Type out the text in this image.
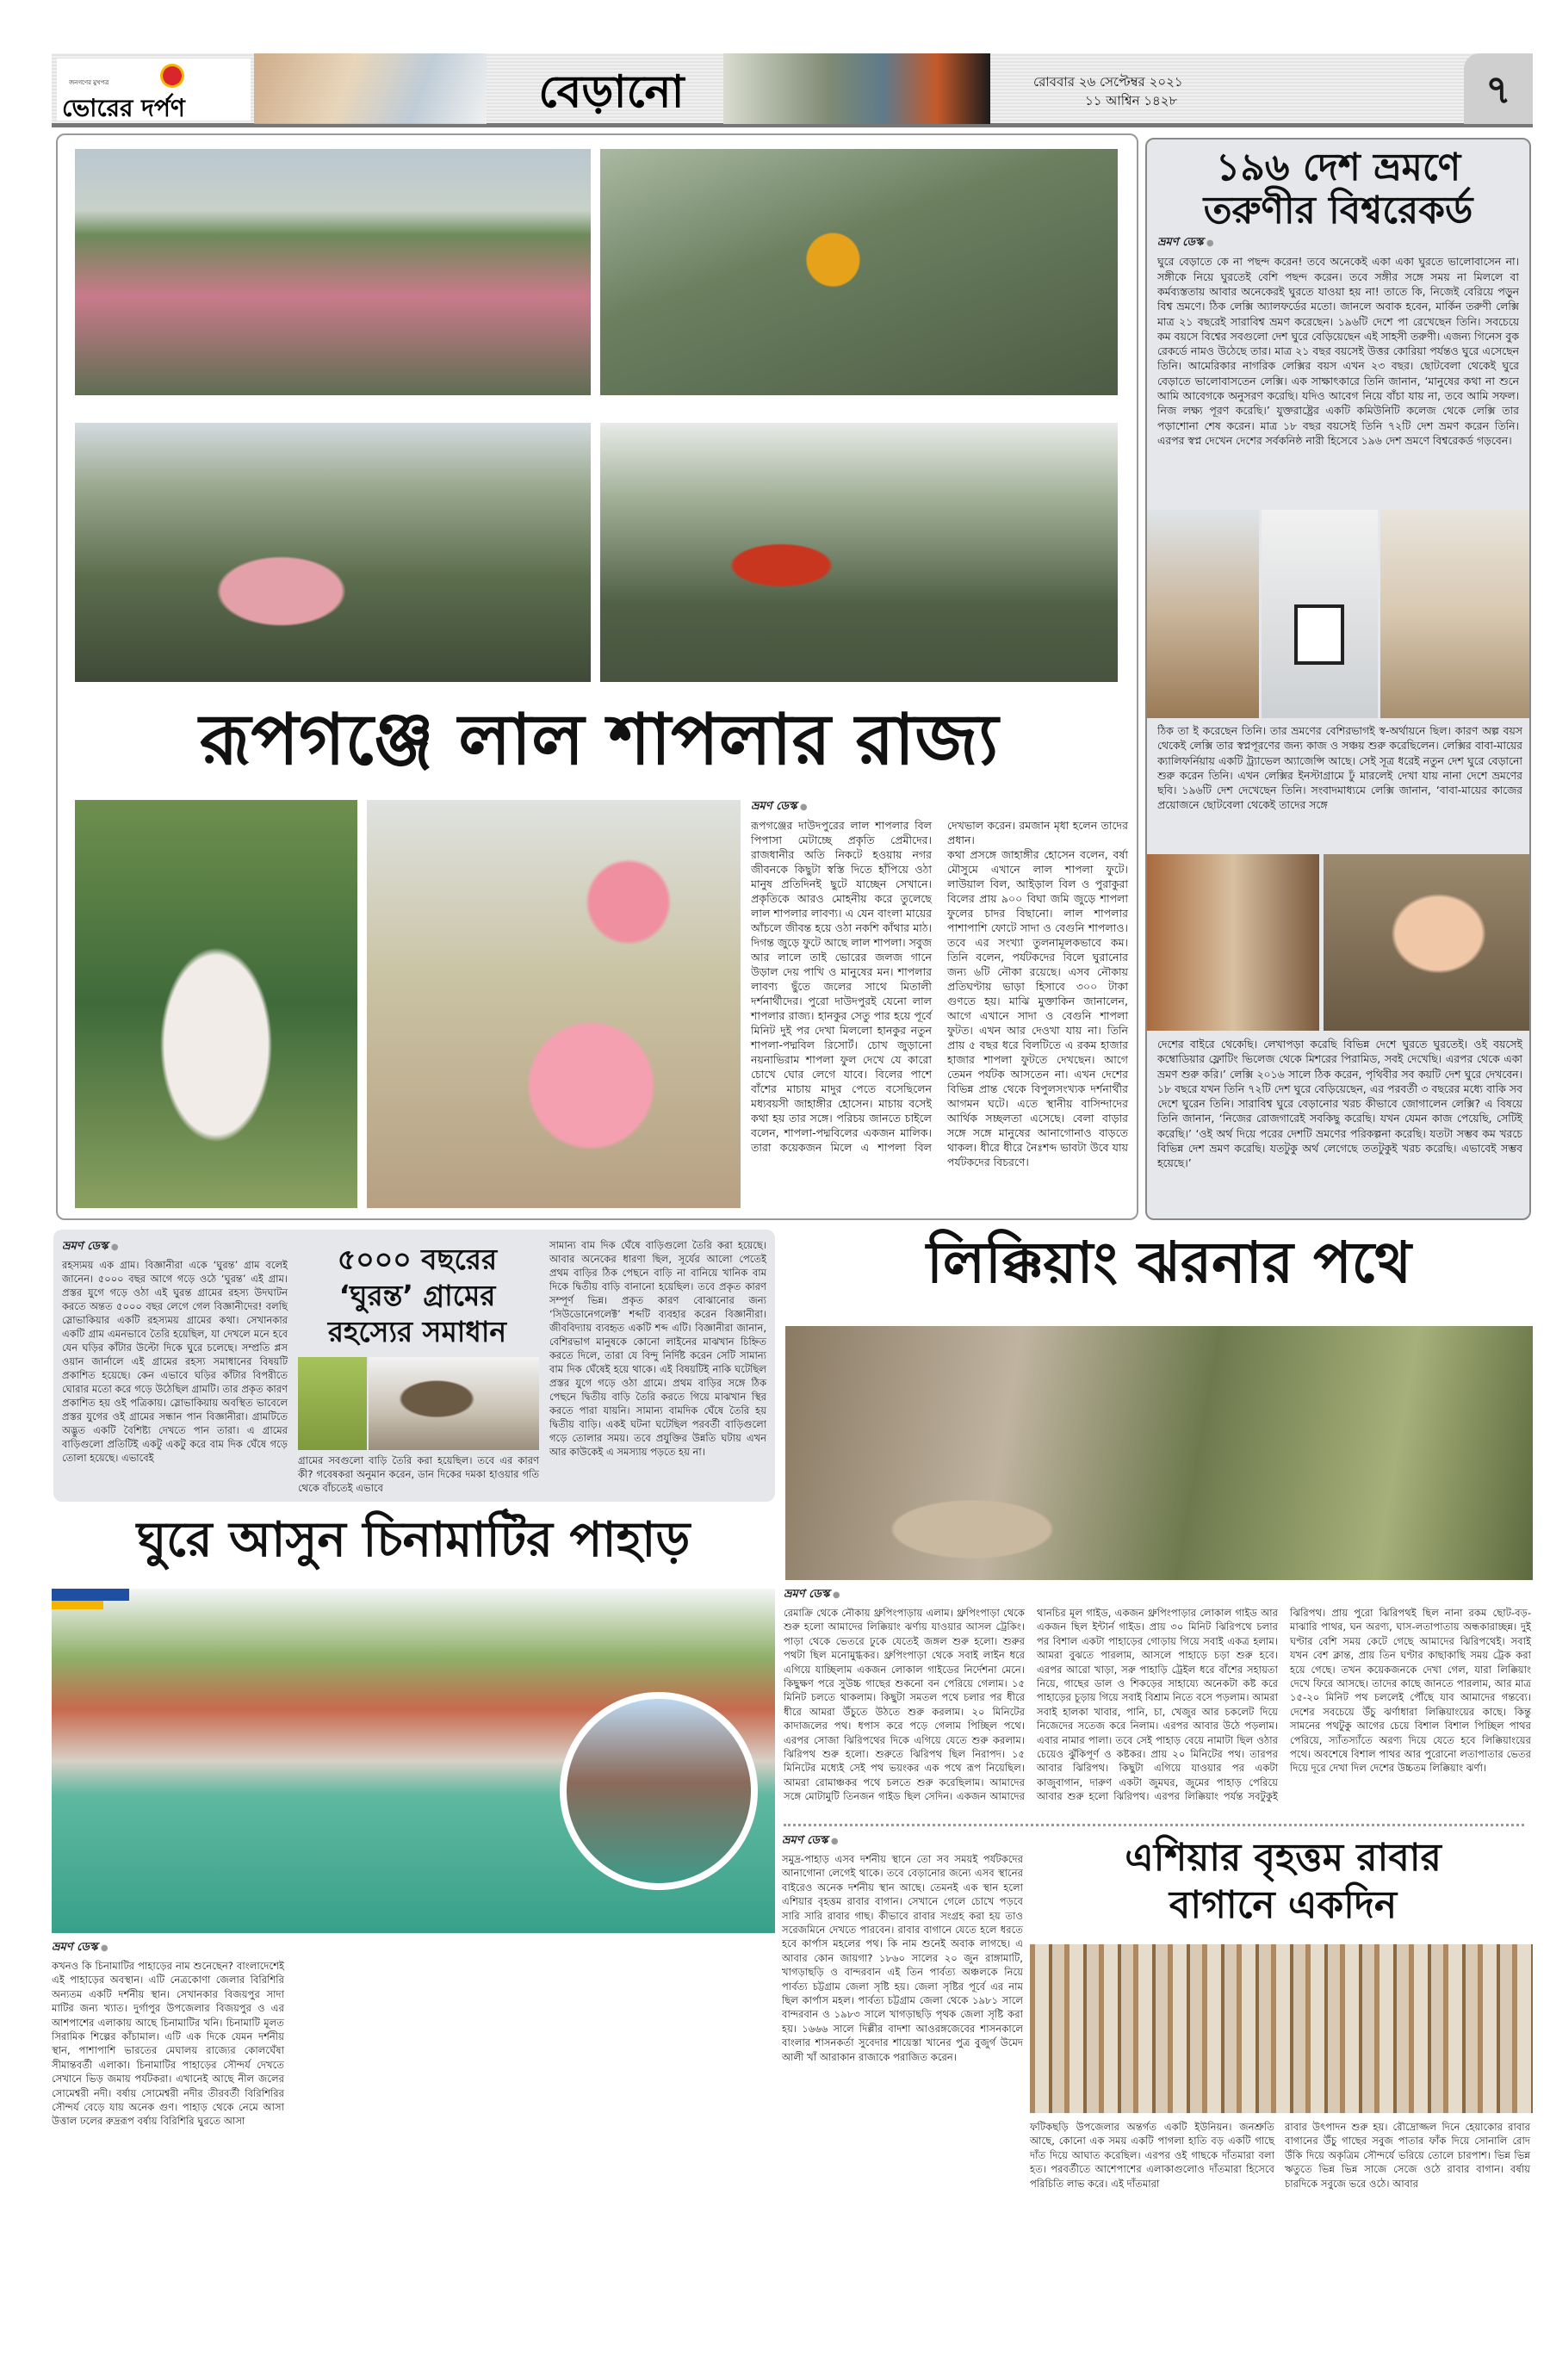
জনগণের মুখপত্র
ভোরের দর্পণ	বেড়ানো	রোববার ২৬ সেপ্টেম্বর ২০২১
১১ আশ্বিন ১৪২৮	৭
রূপগঞ্জে লাল শাপলার রাজ্য
ভ্রমণ ডেস্ক ●

রূপগঞ্জের দাউদপুরের লাল শাপলার বিল পিপাসা মেটাচ্ছে প্রকৃতি প্রেমীদের। রাজধানীর অতি নিকটে হওয়ায় নগর জীবনকে কিছুটা স্বস্তি দিতে হাঁপিয়ে ওঠা মানুষ প্রতিদিনই ছুটে যাচ্ছেন সেখানে। প্রকৃতিকে আরও মোহনীয় করে তুলেছে লাল শাপলার লাবণ্য। এ যেন বাংলা মায়ের আঁচলে জীবন্ত হয়ে ওঠা নকশি কাঁথার মাঠ। দিগন্ত জুড়ে ফুটে আছে লাল শাপলা। সবুজ আর লালে তাই ভোরের জলজ গানে উড়াল দেয় পাখি ও মানুষের মন। শাপলার লাবণ্য ছুঁতে জলের সাথে মিতালী দর্শনার্থীদের। পুরো দাউদপুরই যেনো লাল শাপলার রাজ্য। হানকুর সেতু পার হয়ে পূর্বে মিনিট দুই পর দেখা মিললো হানকুর নতুন শাপলা-পদ্মবিল রিসোর্ট। চোখ জুড়ানো নয়নাভিরাম শাপলা ফুল দেখে যে কারো চোখে ঘোর লেগে যাবে। বিলের পাশে বাঁশের মাচায় মাদুর পেতে বসেছিলেন মধ্যবয়সী জাহাঙ্গীর হোসেন। মাচায় বসেই কথা হয় তার সঙ্গে। পরিচয় জানতে চাইলে বলেন, শাপলা-পদ্মবিলের একজন মালিক। তারা কয়েকজন মিলে এ শাপলা বিল দেখভাল করেন। রমজান মৃধা হলেন তাদের প্রধান।

কথা প্রসঙ্গে জাহাঙ্গীর হোসেন বলেন, বর্ষা মৌসুমে এখানে লাল শাপলা ফুটে। লাউয়াল বিল, আইড়াল বিল ও পুরাকুরা বিলের প্রায় ৯০০ বিঘা জমি জুড়ে শাপলা ফুলের চাদর বিছানো। লাল শাপলার পাশাপাশি ফোটে সাদা ও বেগুনি শাপলাও। তবে এর সংখ্যা তুলনামূলকভাবে কম। তিনি বলেন, পর্যটকদের বিলে ঘুরানোর জন্য ৬টি নৌকা রয়েছে। এসব নৌকায় প্রতিঘণ্টায় ভাড়া হিসাবে ৩০০ টাকা গুণতে হয়। মাঝি মুক্তাকিন জানালেন, আগে এখানে সাদা ও বেগুনি শাপলা ফুটত। এখন আর দেওখা যায় না। তিনি প্রায় ৫ বছর ধরে বিলটিতে এ রকম হাজার হাজার শাপলা ফুটতে দেখছেন। আগে তেমন পর্যটক আসতেন না। এখন দেশের বিভিন্ন প্রান্ত থেকে বিপুলসংখ্যক দর্শনার্থীর আগমন ঘটে। এতে স্থানীয় বাসিন্দাদের আর্থিক সচ্ছলতা এসেছে। বেলা বাড়ার সঙ্গে সঙ্গে মানুষের আনাগোনাও বাড়তে থাকল। ধীরে ধীরে নৈঃশব্দ ভাবটা উবে যায় পর্যটকদের বিচরণে।

১৯৬ দেশ ভ্রমণে
তরুণীর বিশ্বরেকর্ড
ভ্রমণ ডেস্ক ●

ঘুরে বেড়াতে কে না পছন্দ করেন! তবে অনেকেই একা একা ঘুরতে ভালোবাসেন না। সঙ্গীকে নিয়ে ঘুরতেই বেশি পছন্দ করেন। তবে সঙ্গীর সঙ্গে সময় না মিললে বা কর্মব্যস্ততায় আবার অনেকেরই ঘুরতে যাওয়া হয় না! তাতে কি, নিজেই বেরিয়ে পড়ুন বিশ্ব ভ্রমণে। ঠিক লেক্সি অ্যালফর্ডের মতো। জানলে অবাক হবেন, মার্কিন তরুণী লেক্সি মাত্র ২১ বছরেই সারাবিশ্ব ভ্রমণ করেছেন। ১৯৬টি দেশে পা রেখেছেন তিনি। সবচেয়ে কম বয়সে বিশ্বের সবগুলো দেশ ঘুরে বেড়িয়েছেন এই সাহসী তরুণী। এজন্য গিনেস বুক রেকর্ডে নামও উঠেছে তার। মাত্র ২১ বছর বয়সেই উত্তর কোরিয়া পর্যন্তও ঘুরে এসেছেন তিনি। আমেরিকার নাগরিক লেক্সির বয়স এখন ২৩ বছর। ছোটবেলা থেকেই ঘুরে বেড়াতে ভালোবাসতেন লেক্সি। এক সাক্ষাৎকারে তিনি জানান, ‘মানুষের কথা না শুনে আমি আবেগকে অনুসরণ করেছি। যদিও আবেগ নিয়ে বাঁচা যায় না, তবে আমি সফল। নিজ লক্ষ্য পূরণ করেছি।’ যুক্তরাষ্ট্রের একটি কমিউনিটি কলেজ থেকে লেক্সি তার পড়াশোনা শেষ করেন। মাত্র ১৮ বছর বয়সেই তিনি ৭২টি দেশ ভ্রমণ করেন তিনি। এরপর স্বপ্ন দেখেন দেশের সর্বকনিষ্ঠ নারী হিসেবে ১৯৬ দেশ ভ্রমণে বিশ্বরেকর্ড গড়বেন।

ঠিক তা ই করেছেন তিনি। তার ভ্রমণের বেশিরভাগই স্ব-অর্থায়নে ছিল। কারণ অল্প বয়স থেকেই লেক্সি তার স্বপ্নপূরণের জন্য কাজ ও সঞ্চয় শুরু করেছিলেন। লেক্সির বাবা-মায়ের ক্যালিফর্নিয়ায় একটি ট্র্যাভেল অ্যাজেন্সি আছে। সেই সূত্র ধরেই নতুন দেশ ঘুরে বেড়ানো শুরু করেন তিনি। এখন লেক্সির ইনস্টাগ্রামে ঢুঁ মারলেই দেখা যায় নানা দেশে ভ্রমণের ছবি। ১৯৬টি দেশ দেখেছেন তিনি। সংবাদমাধ্যমে লেক্সি জানান, ‘বাবা-মায়ের কাজের প্রয়োজনে ছোটবেলা থেকেই তাদের সঙ্গে

দেশের বাইরে থেকেছি। লেখাপড়া করেছি বিভিন্ন দেশে ঘুরতে ঘুরতেই। ওই বয়সেই কম্বোডিয়ার ফ্লোটিং ভিলেজ থেকে মিশরের পিরামিড, সবই দেখেছি। এরপর থেকে একা ভ্রমণ শুরু করি।’ লেক্সি ২০১৬ সালে ঠিক করেন, পৃথিবীর সব কয়টি দেশ ঘুরে দেখবেন। ১৮ বছরে যখন তিনি ৭২টি দেশ ঘুরে বেড়িয়েছেন, এর পরবর্তী ৩ বছরের মধ্যে বাকি সব দেশে ঘুরেন তিনি। সারাবিশ্ব ঘুরে বেড়ানোর খরচ কীভাবে জোগালেন লেক্সি? এ বিষয়ে তিনি জানান, ‘নিজের রোজগারেই সবকিছু করেছি। যখন যেমন কাজ পেয়েছি, সেটিই করেছি।’ ‘ওই অর্থ দিয়ে পরের দেশটি ভ্রমণের পরিকল্পনা করেছি। যতটা সম্ভব কম খরচে বিভিন্ন দেশ ভ্রমণ করেছি। যতটুকু অর্থ লেগেছে ততটুকুই খরচ করেছি। এভাবেই সম্ভব হয়েছে।’

ভ্রমণ ডেস্ক ●

রহস্যময় এক গ্রাম। বিজ্ঞানীরা একে ‘ঘুরন্ত’ গ্রাম বলেই জানেন। ৫০০০ বছর আগে গড়ে ওঠে ‘ঘুরন্ত’ এই গ্রাম। প্রস্তর যুগে গড়ে ওঠা এই ঘুরন্ত গ্রামের রহস্য উদঘাটন করতে অন্তত ৫০০০ বছর লেগে গেল বিজ্ঞানীদের! বলছি স্লোভাকিয়ার একটি রহস্যময় গ্রামের কথা। সেখানকার একটি গ্রাম এমনভাবে তৈরি হয়েছিল, যা দেখলে মনে হবে যেন ঘড়ির কাঁটার উল্টো দিকে ঘুরে চলেছে। সম্প্রতি প্লস ওয়ান জার্নালে এই গ্রামের রহস্য সমাধানের বিষয়টি প্রকাশিত হয়েছে। কেন এভাবে ঘড়ির কাঁটার বিপরীতে ঘোরার মতো করে গড়ে উঠেছিল গ্রামটি। তার প্রকৃত কারণ প্রকাশিত হয় ওই পত্রিকায়। স্লোভাকিয়ায় অবস্থিত ভাবেলে প্রস্তর যুগের ওই গ্রামের সন্ধান পান বিজ্ঞানীরা। গ্রামটিতে অদ্ভুত একটি বৈশিষ্ট্য দেখতে পান তারা। এ গ্রামের বাড়িগুলো প্রতিটিই একটু একটু করে বাম দিক ঘেঁষে গড়ে তোলা হয়েছে। এভাবেই

৫০০০ বছরের
‘ঘুরন্ত’ গ্রামের
রহস্যের সমাধান

গ্রামের সবগুলো বাড়ি তৈরি করা হয়েছিল। তবে এর কারণ কী? গবেষকরা অনুমান করেন, ডান দিকের দমকা হাওয়ার গতি থেকে বাঁচতেই এভাবে

সামান্য বাম দিক ঘেঁষে বাড়িগুলো তৈরি করা হয়েছে। আবার অনেকের ধারণা ছিল, সূর্যের আলো পেতেই প্রথম বাড়ির ঠিক পেছনে বাড়ি না বানিয়ে খানিক বাম দিকে দ্বিতীয় বাড়ি বানানো হয়েছিল। তবে প্রকৃত কারণ সম্পূর্ণ ভিন্ন। প্রকৃত কারণ বোঝানোর জন্য ‘সিউডোনেগলেক্ট’ শব্দটি ব্যবহার করেন বিজ্ঞানীরা। জীববিদ্যায় ব্যবহৃত একটি শব্দ এটি। বিজ্ঞানীরা জানান, বেশিরভাগ মানুষকে কোনো লাইনের মাঝখান চিহ্নিত করতে দিলে, তারা যে বিন্দু নির্দিষ্ট করেন সেটি সামান্য বাম দিক ঘেঁষেই হয়ে থাকে। এই বিষয়টিই নাকি ঘটেছিল প্রস্তর যুগে গড়ে ওঠা গ্রামে। প্রথম বাড়ির সঙ্গে ঠিক পেছনে দ্বিতীয় বাড়ি তৈরি করতে গিয়ে মাঝখান স্থির করতে পারা যায়নি। সামান্য বামদিক ঘেঁষে তৈরি হয় দ্বিতীয় বাড়ি। একই ঘটনা ঘটেছিল পরবর্তী বাড়িগুলো গড়ে তোলার সময়। তবে প্রযুক্তির উন্নতি ঘটায় এখন আর কাউকেই এ সমস্যায় পড়তে হয় না।

লিক্কিয়াং ঝরনার পথে
ভ্রমণ ডেস্ক ●

রেমাক্রি থেকে নৌকায় থ্রুপিংপাড়ায় এলাম। থ্রুপিংপাড়া থেকে শুরু হলো আমাদের লিক্কিয়াং ঝর্ণায় যাওয়ার আসল ট্রেকিং। পাড়া থেকে ভেতরে ঢুকে যেতেই জঙ্গল শুরু হলো। শুরুর পথটা ছিল মনোমুগ্ধকর। থ্রুপিংপাড়া থেকে সবাই লাইন ধরে এগিয়ে যাচ্ছিলাম একজন লোকাল গাইডের নির্দেশনা মেনে। কিছুক্ষণ পরে সুউচ্চ গাছের শুকনো বন পেরিয়ে গেলাম। ১৫ মিনিট চলতে থাকলাম। কিছুটা সমতল পথে চলার পর ধীরে ধীরে আমরা উঁচুতে উঠতে শুরু করলাম। ২০ মিনিটের কাদাজলের পথ। ধপাস করে পড়ে গেলাম পিচ্ছিল পথে। এরপর সোজা ঝিরিপথের দিকে এগিয়ে যেতে শুরু করলাম। ঝিরিপথ শুরু হলো। শুরুতে ঝিরিপথ ছিল নিরাপদ। ১৫ মিনিটের মধ্যেই সেই পথ ভয়ংকর এক পথে রূপ নিয়েছিল। আমরা রোমাঞ্চকর পথে চলতে শুরু করেছিলাম। আমাদের সঙ্গে মোটামুটি তিনজন গাইড ছিল সেদিন। একজন আমাদের থানচির মূল গাইড, একজন থ্রুপিংপাড়ার লোকাল গাইড আর একজন ছিল ইন্টার্ন গাইড। প্রায় ৩০ মিনিট ঝিরিপথে চলার পর বিশাল একটা পাহাড়ের গোড়ায় গিয়ে সবাই একত্র হলাম। আমরা বুঝতে পারলাম, আসলে পাহাড়ে চড়া শুরু হবে। এরপর আরো খাড়া, সরু পাহাড়ি ট্রেইল ধরে বাঁশের সহায়তা নিয়ে, গাছের ডাল ও শিকড়ের সাহায্যে অনেকটা কষ্ট করে পাহাড়ের চূড়ায় গিয়ে সবাই বিশ্রাম নিতে বসে পড়লাম। আমরা সবাই হালকা খাবার, পানি, চা, খেজুর আর চকলেট দিয়ে নিজেদের সতেজ করে নিলাম। এরপর আবার উঠে পড়লাম। এবার নামার পালা। তবে সেই পাহাড় বেয়ে নামাটা ছিল ওঠার চেয়েও ঝুঁকিপূর্ণ ও কষ্টকর। প্রায় ২০ মিনিটের পথ। তারপর আবার ঝিরিপথ। কিছুটা এগিয়ে যাওয়ার পর একটা কাজুবাগান, দারুণ একটা জুমঘর, জুমের পাহাড় পেরিয়ে আবার শুরু হলো ঝিরিপথ। এরপর লিক্কিয়াং পর্যন্ত সবটুকুই ঝিরিপথ। প্রায় পুরো ঝিরিপথই ছিল নানা রকম ছোট-বড়-মাঝারি পাথর, ঘন অরণ্য, ঘাস-লতাপাতায় অন্ধকারাচ্ছন্ন। দুই ঘণ্টার বেশি সময় কেটে গেছে আমাদের ঝিরিপথেই। সবাই যখন বেশ ক্লান্ত, প্রায় তিন ঘণ্টার কাছাকাছি সময় ট্রেক করা হয়ে গেছে। তখন কয়েকজনকে দেখা গেল, যারা লিক্কিয়াং দেখে ফিরে আসছে। তাদের কাছে জানতে পারলাম, আর মাত্র ১৫-২০ মিনিট পথ চললেই পৌঁছে যাব আমাদের গন্তব্যে। দেশের সবচেয়ে উঁচু ঝর্ণাধারা লিক্কিয়াংয়ের কাছে। কিন্তু সামনের পথটুকু আগের চেয়ে বিশাল বিশাল পিচ্ছিল পাথর পেরিয়ে, স্যাঁতস্যাঁতে অরণ্য দিয়ে যেতে হবে লিক্কিয়াংয়ের পথে। অবশেষে বিশাল পাথর আর পুরোনো লতাপাতার ভেতর দিয়ে দূরে দেখা দিল দেশের উচ্চতম লিক্কিয়াং ঝর্ণা।

ঘুরে আসুন চিনামাটির পাহাড়
ভ্রমণ ডেস্ক ●

কখনও কি চিনামাটির পাহাড়ের নাম শুনেছেন? বাংলাদেশেই এই পাহাড়ের অবস্থান। এটি নেত্রকোণা জেলার বিরিশিরি অন্যতম একটি দর্শনীয় স্থান। সেখানকার বিজয়পুর সাদা মাটির জন্য খ্যাত। দুর্গাপুর উপজেলার বিজয়পুর ও এর আশপাশের এলাকায় আছে চিনামাটির খনি। চিনামাটি মূলত সিরামিক শিল্পের কাঁচামাল। এটি এক দিকে যেমন দর্শনীয় স্থান, পাশাপাশি ভারতের মেঘালয় রাজ্যের কোলঘেঁষা সীমান্তবর্তী এলাকা। চিনামাটির পাহাড়ের সৌন্দর্য দেখতে সেখানে ভিড় জমায় পর্যটকরা। এখানেই আছে নীল জলের সোমেশ্বরী নদী। বর্ষায় সোমেশ্বরী নদীর তীরবর্তী বিরিশিরির সৌন্দর্য বেড়ে যায় অনেক গুণ। পাহাড় থেকে নেমে আসা উত্তাল ঢলের রুদ্ররূপ বর্ষায় বিরিশিরি ঘুরতে আসা

ভ্রমণ ডেস্ক ●

সমুদ্র-পাহাড় এসব দর্শনীয় স্থানে তো সব সময়ই পর্যটকদের আনাগোনা লেগেই থাকে। তবে বেড়ানোর জন্যে এসব স্থানের বাইরেও অনেক দর্শনীয় স্থান আছে। তেমনই এক স্থান হলো এশিয়ার বৃহত্তম রাবার বাগান। সেখানে গেলে চোখে পড়বে সারি সারি রাবার গাছ। কীভাবে রাবার সংগ্রহ করা হয় তাও সরেজমিনে দেখতে পারবেন। রাবার বাগানে যেতে হলে ধরতে হবে কার্পাস মহলের পথ। কি নাম শুনেই অবাক লাগছে। এ আবার কোন জায়গা? ১৮৬০ সালের ২০ জুন রাঙ্গামাটি, খাগড়াছড়ি ও বান্দরবান এই তিন পার্বত্য অঞ্চলকে নিয়ে পার্বত্য চট্টগ্রাম জেলা সৃষ্টি হয়। জেলা সৃষ্টির পূর্বে এর নাম ছিল কার্পাস মহল। পার্বত্য চট্টগ্রাম জেলা থেকে ১৯৮১ সালে বান্দরবান ও ১৯৮৩ সালে খাগড়াছড়ি পৃথক জেলা সৃষ্টি করা হয়। ১৬৬৬ সালে দিল্লীর বাদশা আওরঙ্গজেবের শাসনকালে বাংলার শাসনকর্তা সুবেদার শায়েস্তা খানের পুত্র বুজুর্গ উমেদ আলী খাঁ আরাকান রাজাকে পরাজিত করেন।

এশিয়ার বৃহত্তম রাবার
বাগানে একদিন

ফটিকছড়ি উপজেলার অন্তর্গত একটি ইউনিয়ন। জনশ্রুতি আছে, কোনো এক সময় একটি পাগলা হাতি বড় একটি গাছে দাঁত দিয়ে আঘাত করেছিল। এরপর ওই গাছকে দাঁতমারা বলা হত। পরবর্তীতে আশেপাশের এলাকাগুলোও দাঁতমারা হিসেবে পরিচিতি লাভ করে। এই দাঁতমারা

রাবার উৎপাদন শুরু হয়। রৌদ্রোজ্জল দিনে হেয়াকোর রাবার বাগানের উঁচু গাছের সবুজ পাতার ফাঁক দিয়ে সোনালি রোদ উঁকি দিয়ে অকৃত্রিম সৌন্দর্যে ভরিয়ে তোলে চারপাশ। ভিন্ন ভিন্ন ঋতুতে ভিন্ন ভিন্ন সাজে সেজে ওঠে রাবার বাগান। বর্ষায় চারদিকে সবুজে ভরে ওঠে। আবার
